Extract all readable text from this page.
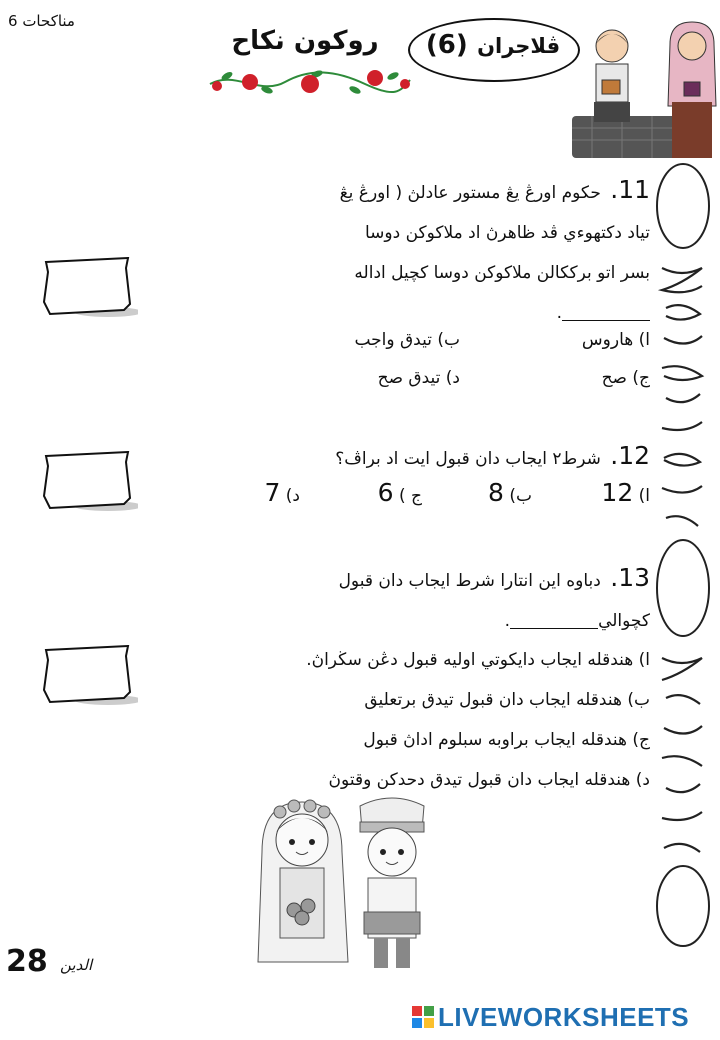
مناكحات 6
روكون نكاح	ڤلاجران (6)
11. حكوم اورڠ يڠ مستور عادلڽ ( اورڠ يڠ
تياد دكتهوءي ڤد ظاهرڽ اد ملاكوكن دوسا
بسر اتو برككالن ملاكوكن دوسا كچيل اداله
.
ا) هاروس
ب) تيدق واجب
ج) صح
د) تيدق صح
12. شرط٢ ايجاب دان قبول ايت اد براڤ؟
ا) 12
ب) 8
ج ) 6
د) 7
13. دباوه اين انتارا شرط ايجاب دان قبول
كچوالي.
ا) هندقله ايجاب دايكوتي اوليه قبول دڠن سڬراڽ.
ب) هندقله ايجاب دان قبول تيدق برتعليق
ج) هندقله ايجاب براوبه سبلوم اداڽ قبول
د) هندقله ايجاب دان قبول تيدق دحدكن وقتوڽ
28 الدين
LIVEWORKSHEETS
